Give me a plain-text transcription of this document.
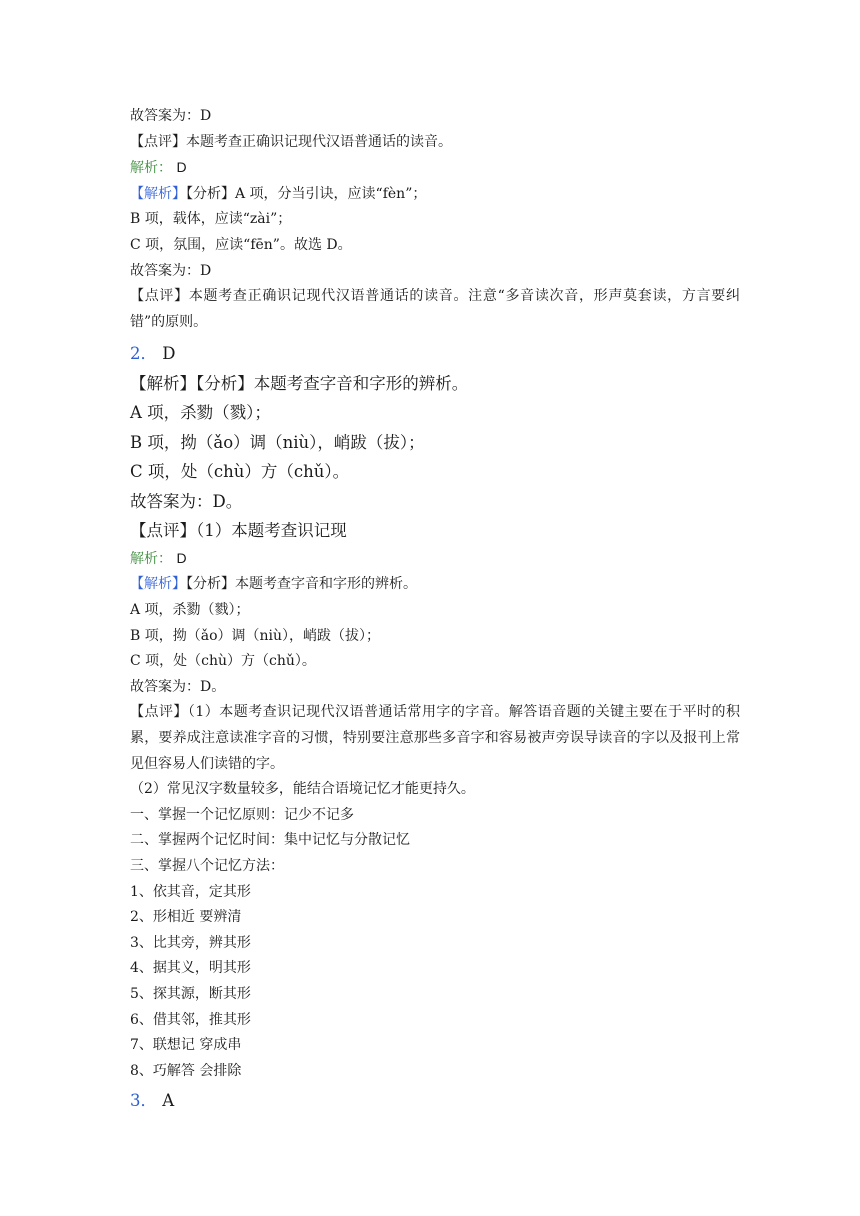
故答案为：D
【点评】本题考查正确识记现代汉语普通话的读音。
解析： D
【解析】【分析】A 项，分当引诀，应读“fèn”；
B 项，载体，应读“zài”；
C 项，氛围，应读“fēn”。故选 D。
故答案为：D
【点评】本题考查正确识记现代汉语普通话的读音。注意“多音读次音，形声莫套读，方言要纠错”的原则。
2． D
【解析】【分析】本题考查字音和字形的辨析。
A 项，杀勠（戮）；
B 项，拗（ǎo）调（niù），峭跋（拔）；
C 项，处（chù）方（chǔ）。
故答案为：D。
【点评】（1）本题考查识记现
解析： D
【解析】【分析】本题考查字音和字形的辨析。
A 项，杀勠（戮）；
B 项，拗（ǎo）调（niù），峭跋（拔）；
C 项，处（chù）方（chǔ）。
故答案为：D。
【点评】（1）本题考查识记现代汉语普通话常用字的字音。解答语音题的关键主要在于平时的积累，要养成注意读准字音的习惯，特别要注意那些多音字和容易被声旁误导读音的字以及报刊上常见但容易人们读错的字。
（2）常见汉字数量较多，能结合语境记忆才能更持久。
一、掌握一个记忆原则：记少不记多
二、掌握两个记忆时间：集中记忆与分散记忆
三、掌握八个记忆方法：
1、依其音，定其形
2、形相近 要辨清
3、比其旁，辨其形
4、据其义，明其形
5、探其源，断其形
6、借其邻，推其形
7、联想记 穿成串
8、巧解答 会排除
3． A
